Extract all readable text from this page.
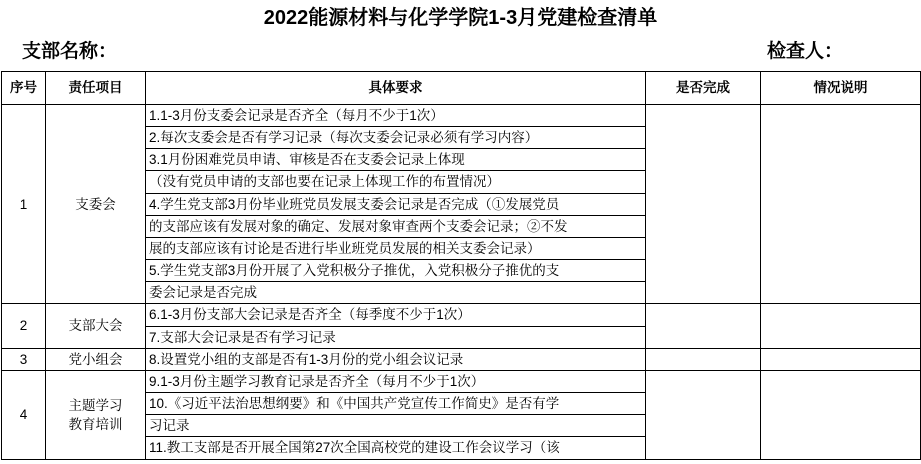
2022能源材料与化学学院1-3月党建检查清单
支部名称：	检查人：
序号	责任项目	具体要求	是否完成	情况说明
1	支委会	1.1-3月份支委会记录是否齐全（每月不少于1次）		
		2.每次支委会是否有学习记录（每次支委会记录必须有学习内容）		
		3.1月份困难党员申请、审核是否在支委会记录上体现		
		（没有党员申请的支部也要在记录上体现工作的布置情况）		
		4.学生党支部3月份毕业班党员发展支委会记录是否完成（①发展党员		
		的支部应该有发展对象的确定、发展对象审查两个支委会记录；②不发		
		展的支部应该有讨论是否进行毕业班党员发展的相关支委会记录）		
		5.学生党支部3月份开展了入党积极分子推优，入党积极分子推优的支		
		委会记录是否完成		
2	支部大会	6.1-3月份支部大会记录是否齐全（每季度不少于1次）		
		7.支部大会记录是否有学习记录		
3	党小组会	8.设置党小组的支部是否有1-3月份的党小组会议记录		
4	主题学习
教育培训	9.1-3月份主题学习教育记录是否齐全（每月不少于1次）		
		10.《习近平法治思想纲要》和《中国共产党宣传工作简史》是否有学		
		习记录		
		11.教工支部是否开展全国第27次全国高校党的建设工作会议学习（该		
